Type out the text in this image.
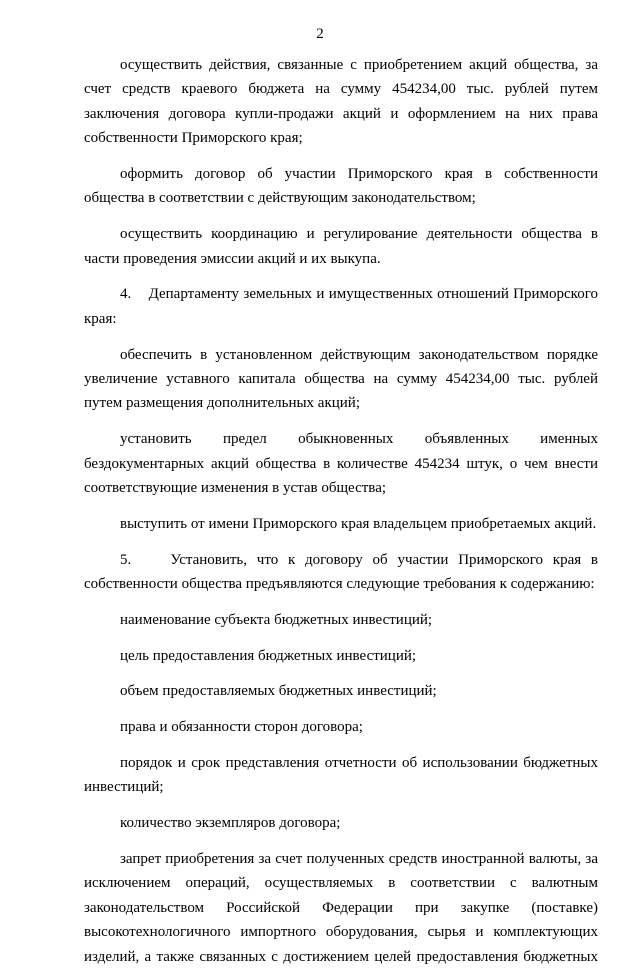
2

осуществить действия, связанные с приобретением акций общества, за счет средств краевого бюджета на сумму 454234,00 тыс. рублей путем заключения договора купли-продажи акций и оформлением на них права собственности Приморского края;

оформить договор об участии Приморского края в собственности общества в соответствии с действующим законодательством;

осуществить координацию и регулирование деятельности общества в части проведения эмиссии акций и их выкупа.

4.    Департаменту земельных и имущественных отношений Приморского края:

обеспечить в установленном действующим законодательством порядке увеличение уставного капитала общества на сумму 454234,00 тыс. рублей путем размещения дополнительных акций;

установить предел обыкновенных объявленных именных бездокументарных акций общества в количестве 454234 штук, о чем внести соответствующие изменения в устав общества;

выступить от имени Приморского края владельцем приобретаемых акций.

5.    Установить, что к договору об участии Приморского края в собственности общества предъявляются следующие требования к содержанию:

наименование субъекта бюджетных инвестиций;

цель предоставления бюджетных инвестиций;

объем предоставляемых бюджетных инвестиций;

права и обязанности сторон договора;

порядок и срок представления отчетности об использовании бюджетных инвестиций;

количество экземпляров договора;

запрет приобретения за счет полученных средств иностранной валюты, за исключением операций, осуществляемых в соответствии с валютным законодательством Российской Федерации при закупке (поставке) высокотехнологичного импортного оборудования, сырья и комплектующих изделий, а также связанных с достижением целей предоставления бюджетных
